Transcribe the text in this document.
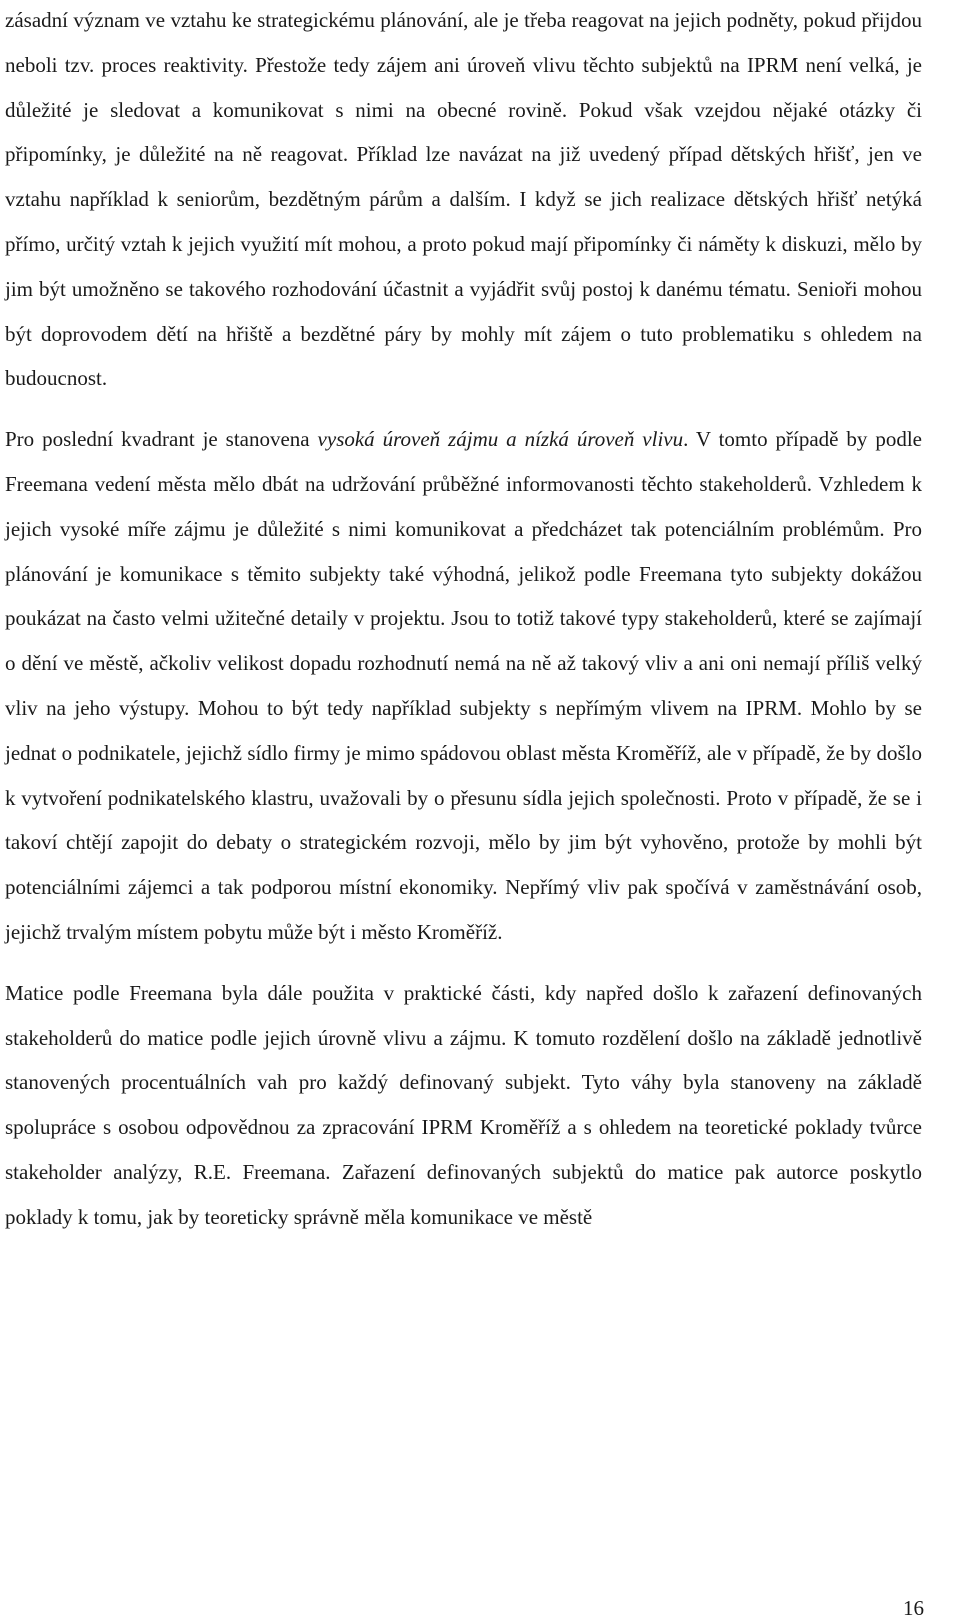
zásadní význam ve vztahu ke strategickému plánování, ale je třeba reagovat na jejich podněty, pokud přijdou neboli tzv. proces reaktivity. Přestože tedy zájem ani úroveň vlivu těchto subjektů na IPRM není velká, je důležité je sledovat a komunikovat s nimi na obecné rovině. Pokud však vzejdou nějaké otázky či připomínky, je důležité na ně reagovat. Příklad lze navázat na již uvedený případ dětských hřišť, jen ve vztahu například k seniorům, bezdětným párům a dalším. I když se jich realizace dětských hřišť netýká přímo, určitý vztah k jejich využití mít mohou, a proto pokud mají připomínky či náměty k diskuzi, mělo by jim být umožněno se takového rozhodování účastnit a vyjádřit svůj postoj k danému tématu. Senioři mohou být doprovodem dětí na hřiště a bezdětné páry by mohly mít zájem o tuto problematiku s ohledem na budoucnost.

Pro poslední kvadrant je stanovena vysoká úroveň zájmu a nízká úroveň vlivu. V tomto případě by podle Freemana vedení města mělo dbát na udržování průběžné informovanosti těchto stakeholderů. Vzhledem k jejich vysoké míře zájmu je důležité s nimi komunikovat a předcházet tak potenciálním problémům. Pro plánování je komunikace s těmito subjekty také výhodná, jelikož podle Freemana tyto subjekty dokážou poukázat na často velmi užitečné detaily v projektu. Jsou to totiž takové typy stakeholderů, které se zajímají o dění ve městě, ačkoliv velikost dopadu rozhodnutí nemá na ně až takový vliv a ani oni nemají příliš velký vliv na jeho výstupy. Mohou to být tedy například subjekty s nepřímým vlivem na IPRM. Mohlo by se jednat o podnikatele, jejichž sídlo firmy je mimo spádovou oblast města Kroměříž, ale v případě, že by došlo k vytvoření podnikatelského klastru, uvažovali by o přesunu sídla jejich společnosti. Proto v případě, že se i takoví chtějí zapojit do debaty o strategickém rozvoji, mělo by jim být vyhověno, protože by mohli být potenciálními zájemci a tak podporou místní ekonomiky. Nepřímý vliv pak spočívá v zaměstnávání osob, jejichž trvalým místem pobytu může být i město Kroměříž.

Matice podle Freemana byla dále použita v praktické části, kdy napřed došlo k zařazení definovaných stakeholderů do matice podle jejich úrovně vlivu a zájmu. K tomuto rozdělení došlo na základě jednotlivě stanovených procentuálních vah pro každý definovaný subjekt. Tyto váhy byla stanoveny na základě spolupráce s osobou odpovědnou za zpracování IPRM Kroměříž a s ohledem na teoretické poklady tvůrce stakeholder analýzy, R.E. Freemana. Zařazení definovaných subjektů do matice pak autorce poskytlo poklady k tomu, jak by teoreticky správně měla komunikace ve městě

16
